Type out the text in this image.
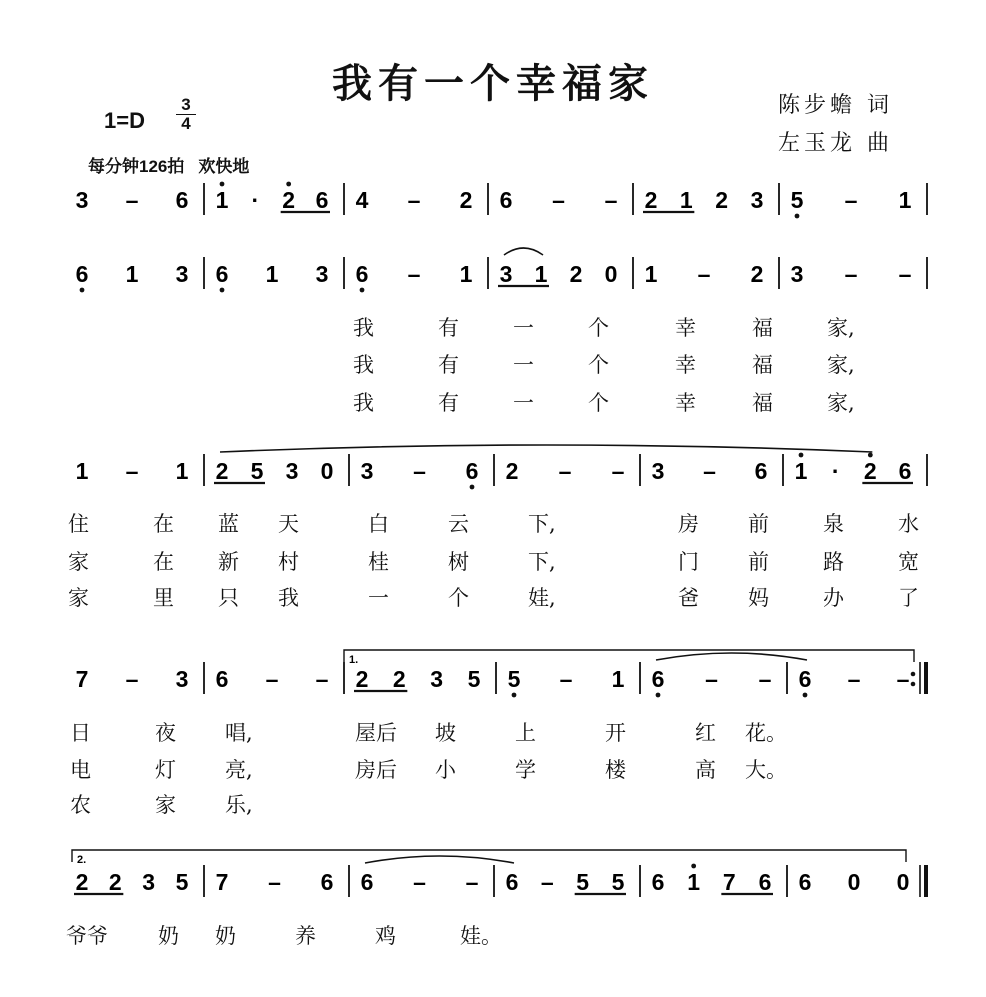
我有一个幸福家	陈步蟾 词
左玉龙 曲
1=D
3
4
每分钟126拍 欢快地
3 – 6 1 · 2 6 4 – 2 6 – – 2 1 2 3 5 – 1
6 1 3 6 1 3 6 – 1 3 1 2 0 1 – 2 3 – –
1 – 1 2 5 3 0 3 – 6 2 – – 3 – 6 1 · 2 6
1.
7 – 3 6 – – 2 2 3 5 5 – 1 6 – – 6 – –
2.
2 2 3 5 7 – 6 6 – – 6 – 5 5 6 1 7 6 6 0 0
我	有	一	个	幸	福	家,
我	有	一	个	幸	福	家,
我	有	一	个	幸	福	家,
住	在	蓝	天	白	云	下,	房	前	泉	水
家	在	新	村	桂	树	下,	门	前	路	宽
家	里	只	我	一	个	娃,	爸	妈	办	了
日	夜	唱,	屋后	坡	上	开	红	花。
电	灯	亮,	房后	小	学	楼	高	大。
农	家	乐,
爷爷	奶	奶	养	鸡	娃。
